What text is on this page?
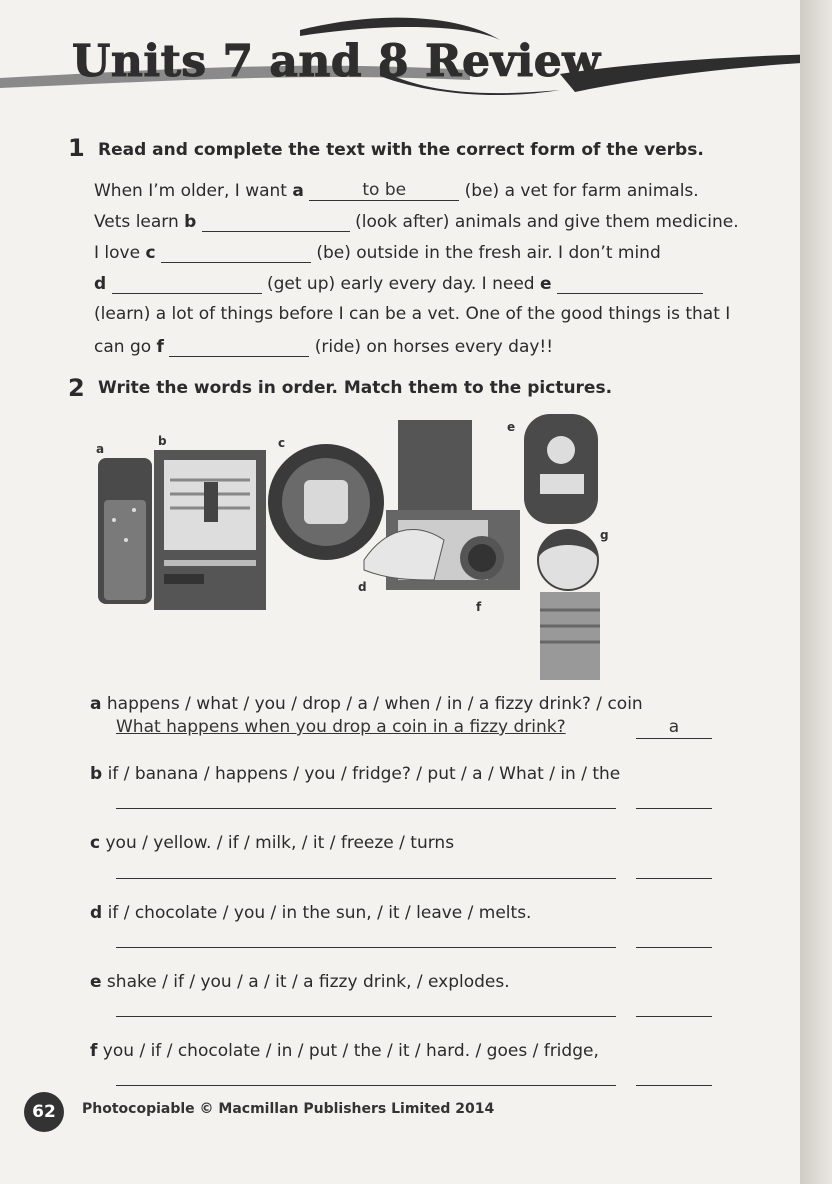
Units 7 and 8 Review
1 Read and complete the text with the correct form of the verbs.
When I’m older, I want a	to be	(be) a vet for farm animals.
Vets learn b	(look after) animals and give them medicine.
I love c	(be) outside in the fresh air. I don’t mind
d	(get up) early every day. I need e
(learn) a lot of things before I can be a vet. One of the good things is that I
can go f	(ride) on horses every day!!
2 Write the words in order. Match them to the pictures.
a
b	c
d
e
f
g
a happens / what / you / drop / a / when / in / a fizzy drink? / coin
What happens when you drop a coin in a fizzy drink?	a
b if / banana / happens / you / fridge? / put / a / What / in / the
c you / yellow. / if / milk, / it / freeze / turns
d if / chocolate / you / in the sun, / it / leave / melts.
e shake / if / you / a / it / a fizzy drink, / explodes.
f you / if / chocolate / in / put / the / it / hard. / goes / fridge,
62	Photocopiable © Macmillan Publishers Limited 2014
